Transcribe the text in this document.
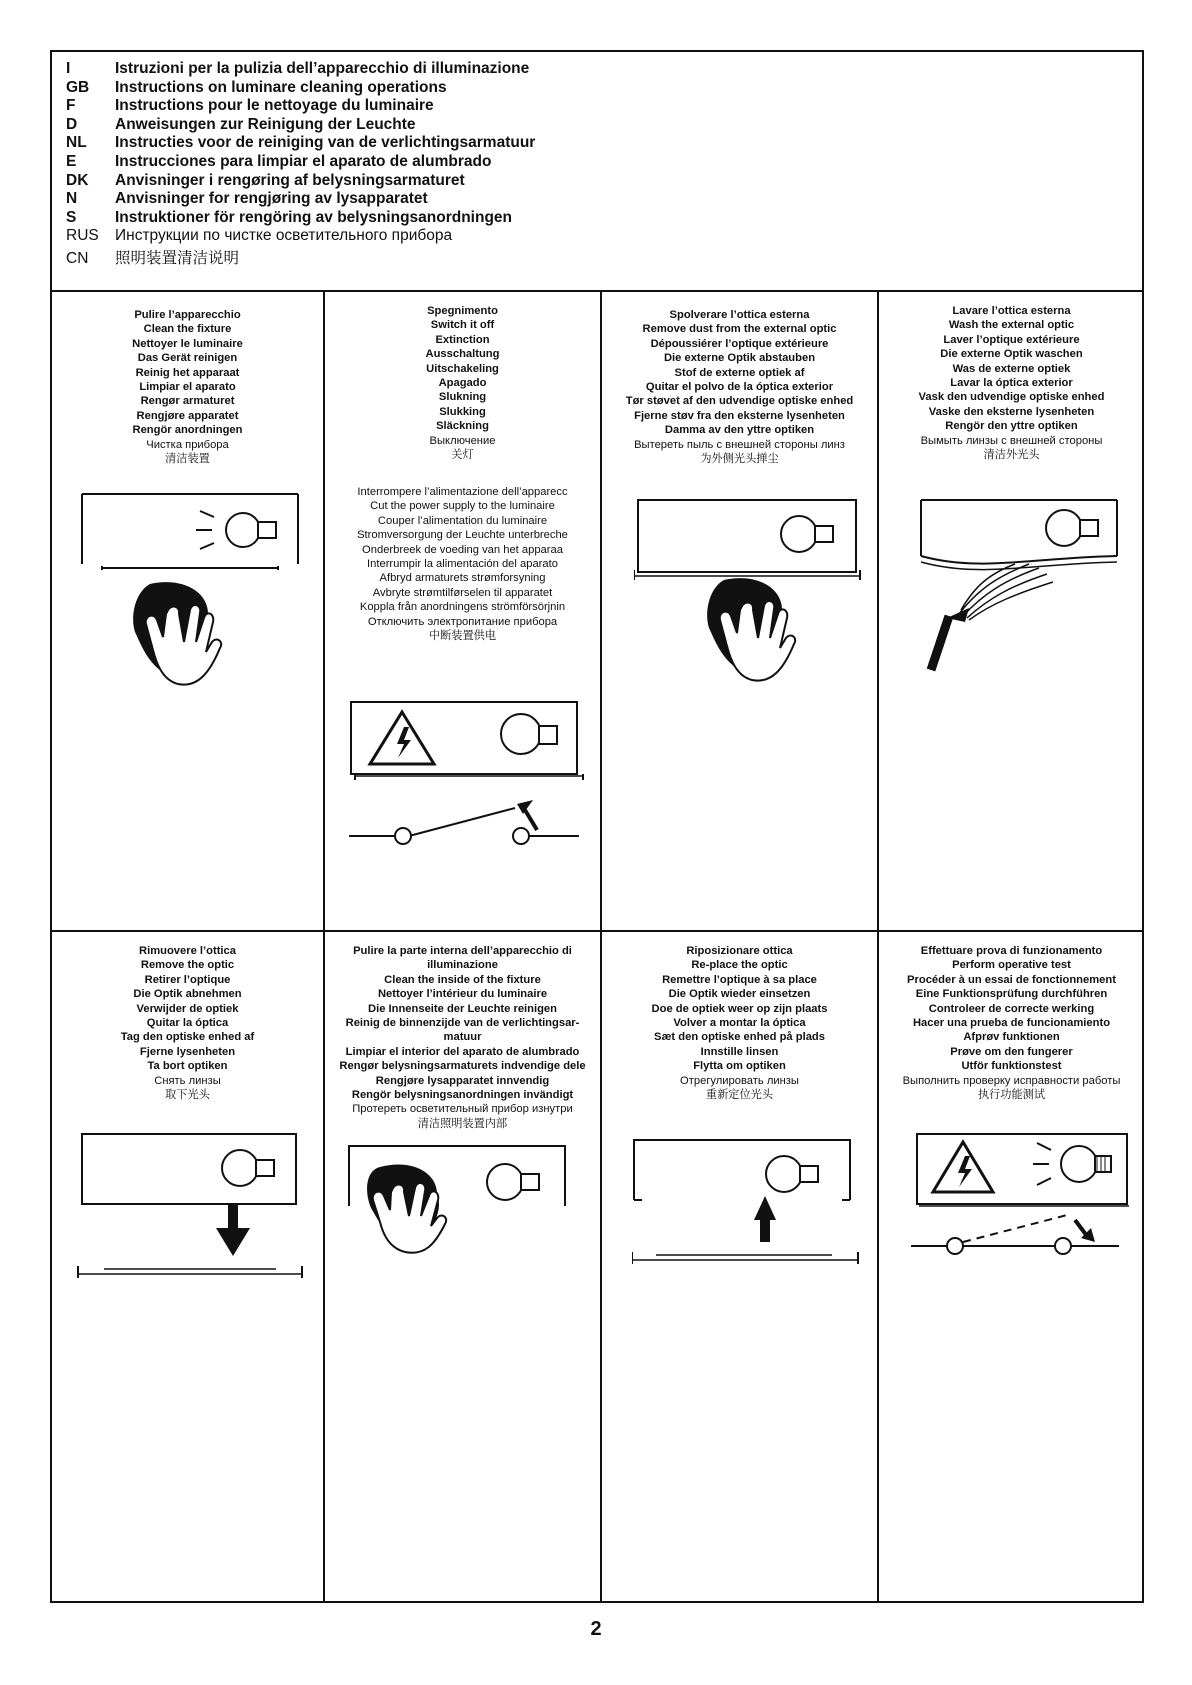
I	Istruzioni per la pulizia dell’apparecchio di illuminazione
GB Instructions on luminare cleaning operations
F	Instructions pour le nettoyage du luminaire
D Anweisungen zur Reinigung der Leuchte
NL Instructies voor de reiniging van de verlichtingsarmatuur
E Instrucciones para limpiar el aparato de alumbrado
DK Anvisninger i rengøring af belysningsarmaturet
N Anvisninger for rengjøring av lysapparatet
S Instruktioner för rengöring av belysningsanordningen
RUS Инструкции по чистке осветительного прибора
CN 照明装置清洁说明
Pulire l’apparecchio
Clean the fixture
Nettoyer le luminaire
Das Gerät reinigen
Reinig het apparaat
Limpiar el aparato
Rengør armaturet
Rengjøre apparatet
Rengör anordningen
Чистка прибора
清洁装置
Spegnimento
Switch it off
Extinction
Ausschaltung
Uitschakeling
Apagado
Slukning
Slukking
Släckning
Выключение
关灯
Interrompere l’alimentazione dell’apparecc
Cut the power supply to the luminaire
Couper l’alimentation du luminaire
Stromversorgung der Leuchte unterbreche
Onderbreek de voeding van het apparaa
Interrumpir la alimentación del aparato
Afbryd armaturets strømforsyning
Avbryte strømtilførselen til apparatet
Koppla från anordningens strömförsörjnin
Отключить электропитание прибора
中断装置供电
Spolverare l’ottica esterna
Remove dust from the external optic
Dépoussiérer l’optique extérieure
Die externe Optik abstauben
Stof de externe optiek af
Quitar el polvo de la óptica exterior
Tør støvet af den udvendige optiske enhed
Fjerne støv fra den eksterne lysenheten
Damma av den yttre optiken
Вытереть пыль с внешней стороны линз
为外侧光头掸尘
Lavare l’ottica esterna
Wash the external optic
Laver l’optique extérieure
Die externe Optik waschen
Was de externe optiek
Lavar la óptica exterior
Vask den udvendige optiske enhed
Vaske den eksterne lysenheten
Rengör den yttre optiken
Вымыть линзы с внешней стороны
清洁外光头
Rimuovere l’ottica
Remove the optic
Retirer l’optique
Die Optik abnehmen
Verwijder de optiek
Quitar la óptica
Tag den optiske enhed af
Fjerne lysenheten
Ta bort optiken
Снять линзы
取下光头
Pulire la parte interna dell’apparecchio di
illuminazione
Clean the inside of the fixture
Nettoyer l’intérieur du luminaire
Die Innenseite der Leuchte reinigen
Reinig de binnenzijde van de verlichtingsar-
matuur
Limpiar el interior del aparato de alumbrado
Rengør belysningsarmaturets indvendige dele
Rengjøre lysapparatet innvendig
Rengör belysningsanordningen invändigt
Протереть осветительный прибор изнутри
清洁照明装置内部
Riposizionare ottica
Re-place the optic
Remettre l’optique à sa place
Die Optik wieder einsetzen
Doe de optiek weer op zijn plaats
Volver a montar la óptica
Sæt den optiske enhed på plads
Innstille linsen
Flytta om optiken
Отрегулировать линзы
重新定位光头
Effettuare prova di funzionamento
Perform operative test
Procéder à un essai de fonctionnement
Eine Funktionsprüfung durchführen
Controleer de correcte werking
Hacer una prueba de funcionamiento
Afprøv funktionen
Prøve om den fungerer
Utför funktionstest
Выполнить проверку исправности работы
执行功能测试
2
